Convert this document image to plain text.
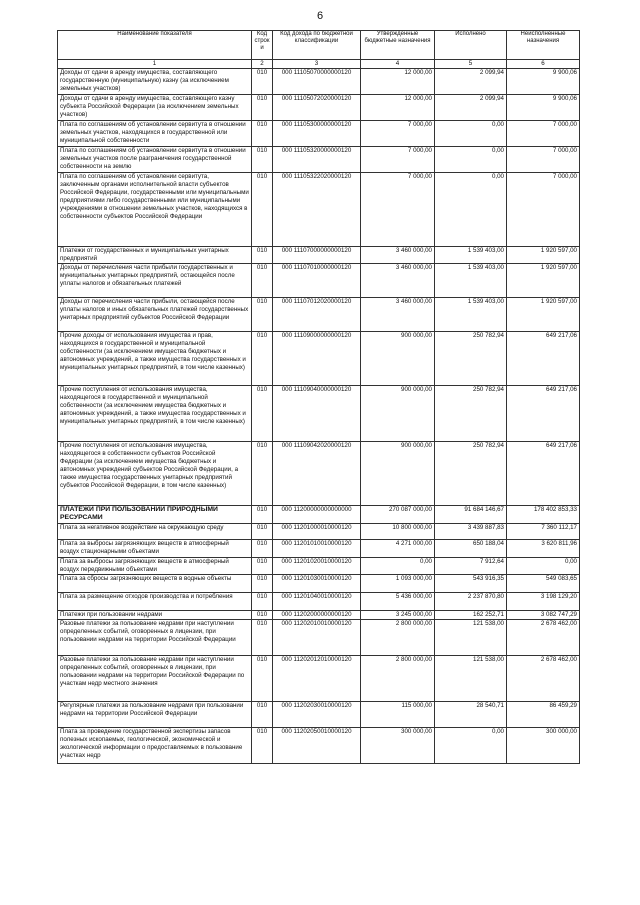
6
Наименование показателя	Код строк и	Код дохода по бюджетной классификации	Утвержденные бюджетные назначения	Исполнено	Неисполненные назначения
1	2	3	4	5	6
Доходы от сдачи в аренду имущества, составляющего государственную (муниципальную) казну (за исключением земельных участков)	010	000 11105070000000120	12 000,00	2 099,94	9 900,06
Доходы от сдачи в аренду имущества, составляющего казну субъекта Российской Федерации (за исключением земельных участков)	010	000 11105072020000120	12 000,00	2 099,94	9 900,06
Плата по соглашениям об установлении сервитута в отношении земельных участков, находящихся в государственной или муниципальной собственности	010	000 11105300000000120	7 000,00	0,00	7 000,00
Плата по соглашениям об установлении сервитута в отношении земельных участков после разграничения государственной собственности на землю	010	000 11105320000000120	7 000,00	0,00	7 000,00
Плата по соглашениям об установлении сервитута, заключенным органами исполнительной власти субъектов Российской Федерации, государственными или муниципальными предприятиями либо государственными или муниципальными учреждениями в отношении земельных участков, находящихся в собственности субъектов Российской Федерации	010	000 11105322020000120	7 000,00	0,00	7 000,00
Платежи от государственных и муниципальных унитарных предприятий	010	000 11107000000000120	3 460 000,00	1 539 403,00	1 920 597,00
Доходы от перечисления части прибыли государственных и муниципальных унитарных предприятий, остающейся после уплаты налогов и обязательных платежей	010	000 11107010000000120	3 460 000,00	1 539 403,00	1 920 597,00
Доходы от перечисления части прибыли, остающейся после уплаты налогов и иных обязательных платежей государственных унитарных предприятий субъектов Российской Федерации	010	000 11107012020000120	3 460 000,00	1 539 403,00	1 920 597,00
Прочие доходы от использования имущества и прав, находящихся в государственной и муниципальной собственности (за исключением имущества бюджетных и автономных учреждений, а также имущества государственных и муниципальных унитарных предприятий, в том числе казенных)	010	000 11109000000000120	900 000,00	250 782,94	649 217,06
Прочие поступления от использования имущества, находящегося в государственной и муниципальной собственности (за исключением имущества бюджетных и автономных учреждений, а также имущества государственных и муниципальных унитарных предприятий, в том числе казенных)	010	000 11109040000000120	900 000,00	250 782,94	649 217,06
Прочие поступления от использования имущества, находящегося в собственности субъектов Российской Федерации (за исключением имущества бюджетных и автономных учреждений субъектов Российской Федерации, а также имущества государственных унитарных предприятий субъектов Российской Федерации, в том числе казенных)	010	000 11109042020000120	900 000,00	250 782,94	649 217,06
ПЛАТЕЖИ ПРИ ПОЛЬЗОВАНИИ ПРИРОДНЫМИ РЕСУРСАМИ	010	000 11200000000000000	270 087 000,00	91 684 146,67	178 402 853,33
Плата за негативное воздействие на окружающую среду	010	000 11201000010000120	10 800 000,00	3 439 887,83	7 360 112,17
Плата за выбросы загрязняющих веществ в атмосферный воздух стационарными объектами	010	000 11201010010000120	4 271 000,00	650 188,04	3 620 811,96
Плата за выбросы загрязняющих веществ в атмосферный воздух передвижными объектами	010	000 11201020010000120	0,00	7 912,64	0,00
Плата за сбросы загрязняющих веществ в водные объекты	010	000 11201030010000120	1 093 000,00	543 916,35	549 083,65
Плата за размещение отходов производства и потребления	010	000 11201040010000120	5 436 000,00	2 237 870,80	3 198 129,20
Платежи при пользовании недрами	010	000 11202000000000120	3 245 000,00	162 252,71	3 082 747,29
Разовые платежи за пользование недрами при наступлении определенных событий, оговоренных в лицензии, при пользовании недрами на территории Российской Федерации	010	000 11202010010000120	2 800 000,00	121 538,00	2 678 462,00
Разовые платежи за пользование недрами при наступлении определенных событий, оговоренных в лицензии, при пользовании недрами на территории Российской Федерации по участкам недр местного значения	010	000 11202012010000120	2 800 000,00	121 538,00	2 678 462,00
Регулярные платежи за пользование недрами при пользовании недрами на территории Российской Федерации	010	000 11202030010000120	115 000,00	28 540,71	86 459,29
Плата за проведение государственной экспертизы запасов полезных ископаемых, геологической, экономической и экологической информации о предоставляемых в пользование участках недр	010	000 11202050010000120	300 000,00	0,00	300 000,00
